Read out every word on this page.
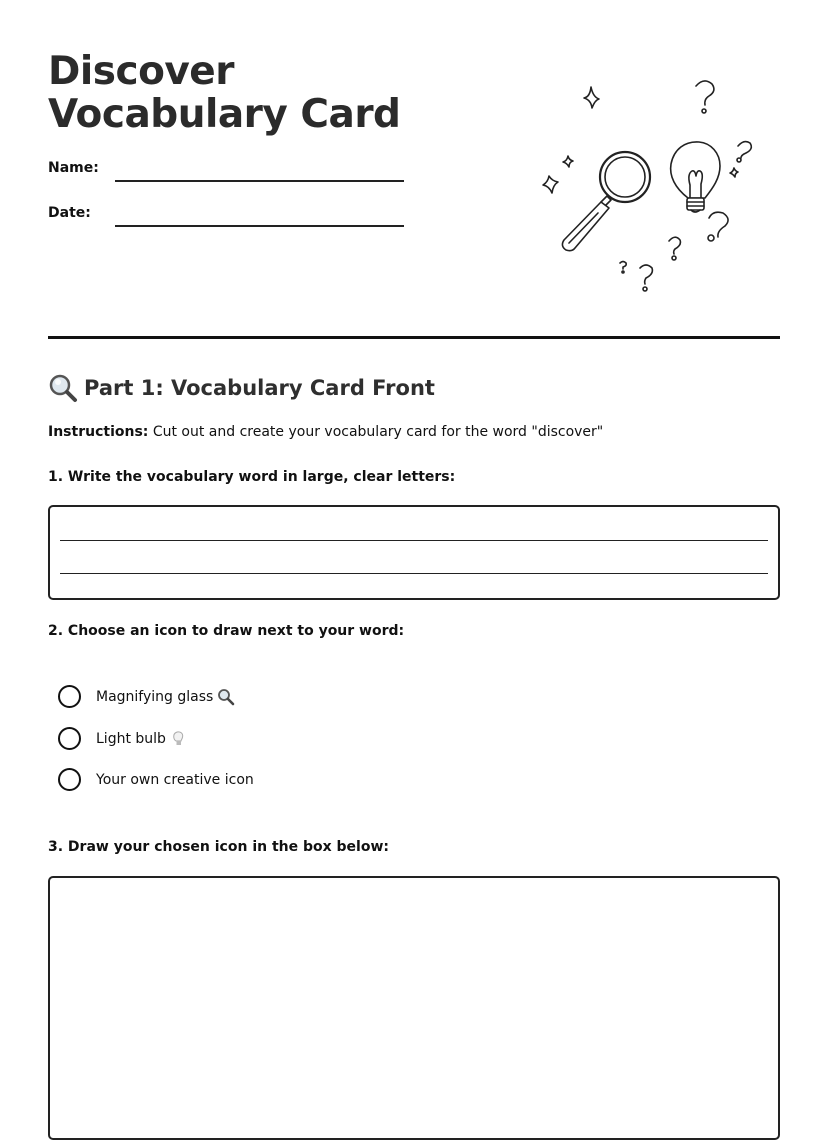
Discover Vocabulary Card
Name:
Date:
Part 1: Vocabulary Card Front
Instructions: Cut out and create your vocabulary card for the word "discover"
1. Write the vocabulary word in large, clear letters:
2. Choose an icon to draw next to your word:
Magnifying glass
Light bulb
Your own creative icon
3. Draw your chosen icon in the box below:
